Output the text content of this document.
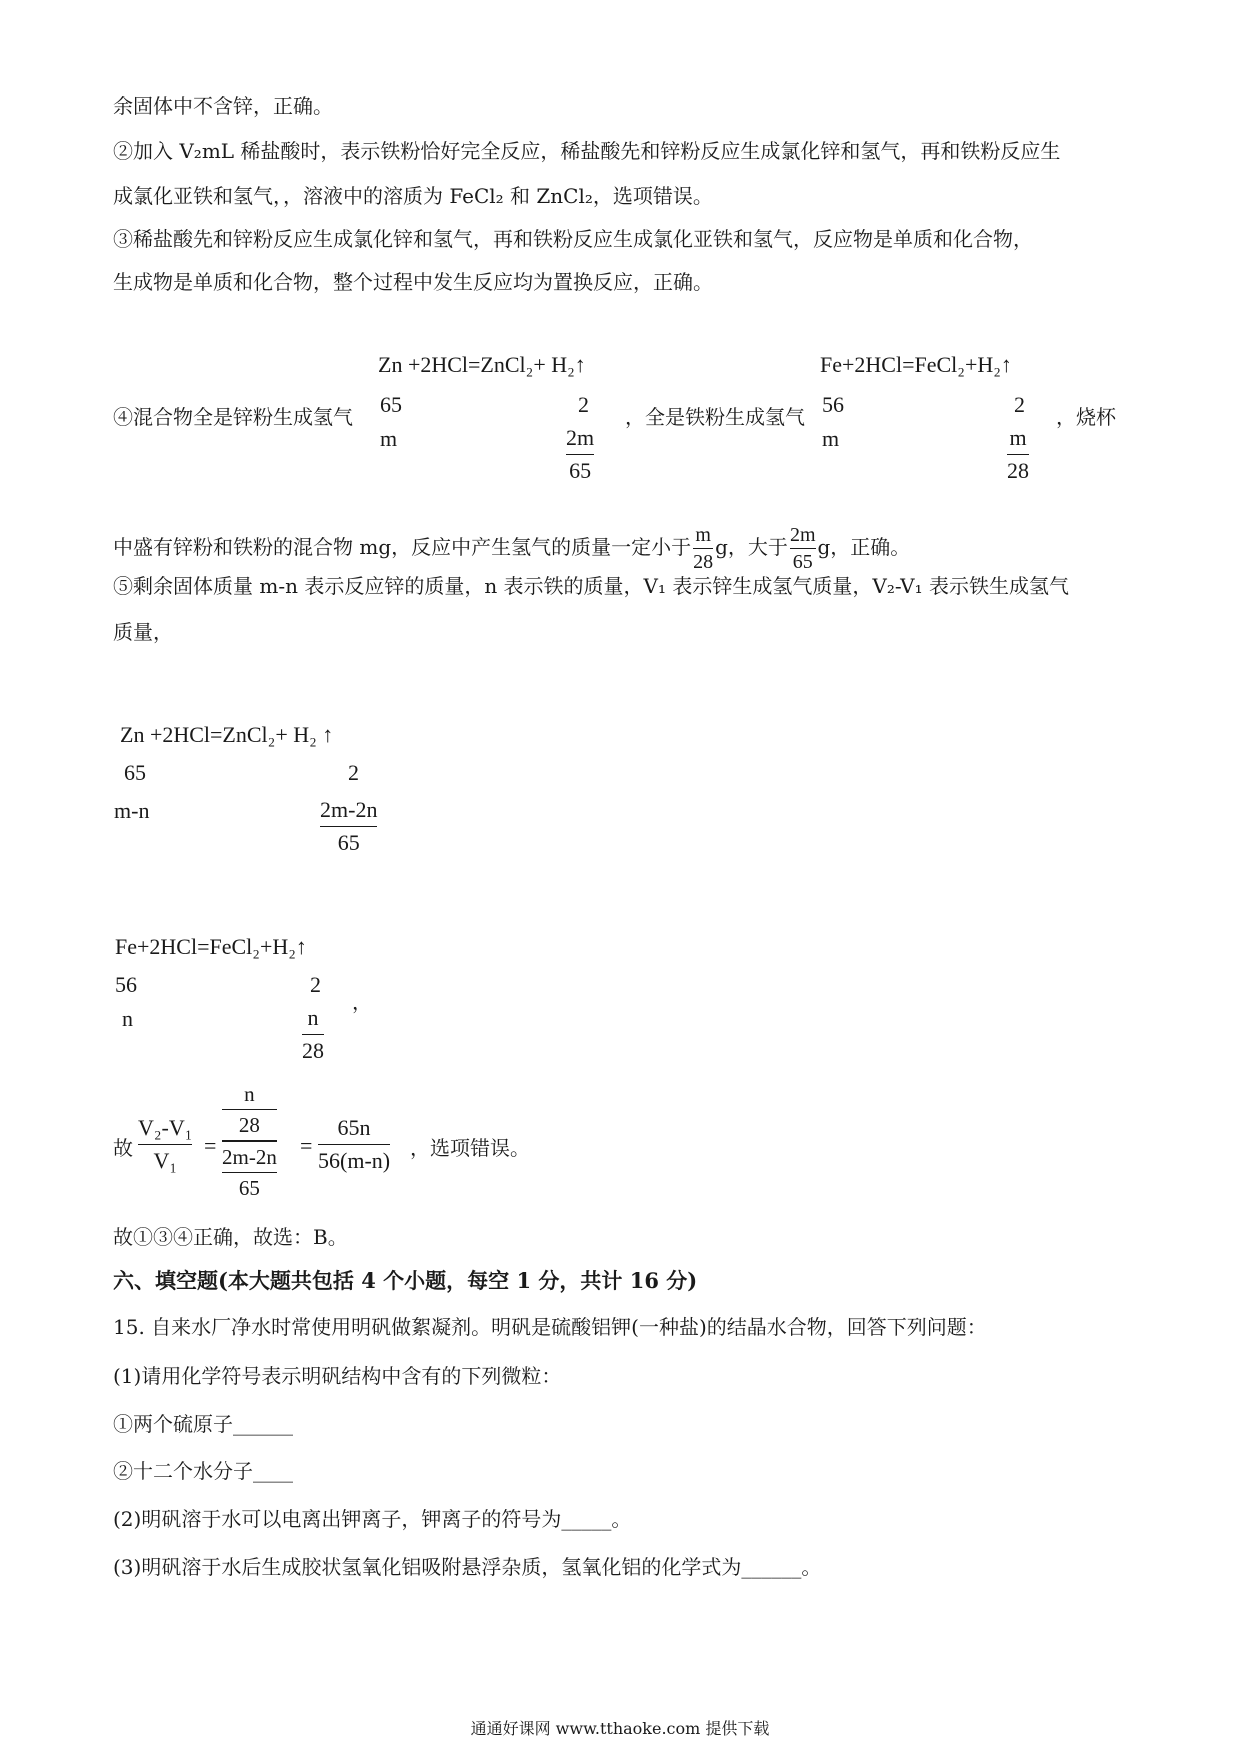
余固体中不含锌，正确。
②加入 V₂mL 稀盐酸时，表示铁粉恰好完全反应，稀盐酸先和锌粉反应生成氯化锌和氢气，再和铁粉反应生
成氯化亚铁和氢气，，溶液中的溶质为 FeCl₂ 和 ZnCl₂，选项错误。
③稀盐酸先和锌粉反应生成氯化锌和氢气，再和铁粉反应生成氯化亚铁和氢气，反应物是单质和化合物，
生成物是单质和化合物，整个过程中发生反应均为置换反应，正确。
Zn +2HCl=ZnCl₂+ H₂↑	Fe+2HCl=FeCl₂+H₂↑
④混合物全是锌粉生成氢气 65
m
2
2m
65
，全是铁粉生成氢气 56
m
2
m
28
，烧杯
中盛有锌粉和铁粉的混合物 mg，反应中产生氢气的质量一定小于 $\frac{m}{28}$ g，大于 $\frac{2m}{65}$ g，正确。
⑤剩余固体质量 m-n 表示反应锌的质量，n 表示铁的质量，V₁ 表示锌生成氢气质量，V₂-V₁ 表示铁生成氢气
质量，
Zn +2HCl=ZnCl₂+ H₂ ↑
65	2
m-n	2m-2n
65
Fe+2HCl=FeCl₂+H₂↑
56	2
n	n
28
，
故
V₂-V₁
V₁
=
n
28
2m-2n
65
=
65n
56(m-n) ，选项错误。
故①③④正确，故选：B。
六、填空题(本大题共包括 4 个小题，每空 1 分，共计 16 分)
15. 自来水厂净水时常使用明矾做絮凝剂。明矾是硫酸铝钾(一种盐)的结晶水合物，回答下列问题：
(1)请用化学符号表示明矾结构中含有的下列微粒：
①两个硫原子______
②十二个水分子____
(2)明矾溶于水可以电离出钾离子，钾离子的符号为_____。
(3)明矾溶于水后生成胶状氢氧化铝吸附悬浮杂质，氢氧化铝的化学式为______。
通通好课网 www.tthaoke.com 提供下载
